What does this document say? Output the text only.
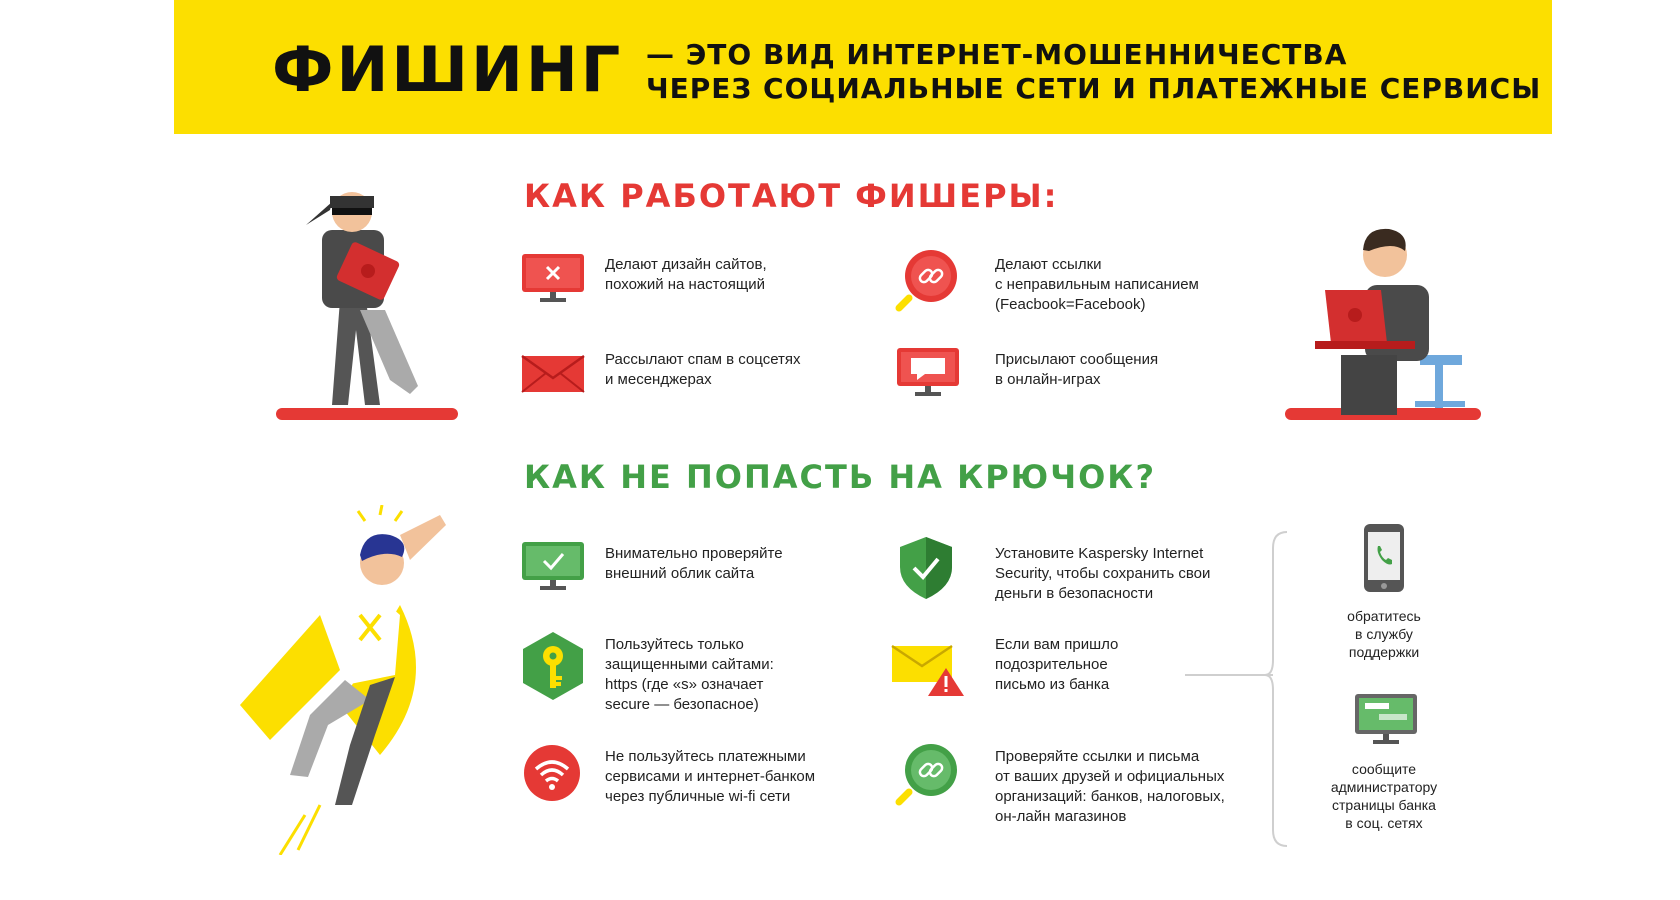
ФИШИНГ — ЭТО ВИД ИНТЕРНЕТ-МОШЕННИЧЕСТВА
ЧЕРЕЗ СОЦИАЛЬНЫЕ СЕТИ И ПЛАТЕЖНЫЕ СЕРВИСЫ
КАК РАБОТАЮТ ФИШЕРЫ:
Делают дизайн сайтов,
похожий на настоящий
Делают ссылки
с неправильным написанием
(Feacbook=Facebook)
Рассылают спам в соцсетях
и месенджерах
Присылают сообщения
в онлайн-играх
КАК НЕ ПОПАСТЬ НА КРЮЧОК?
Внимательно проверяйте
внешний облик сайта
Установите Kaspersky Internet
Security, чтобы сохранить свои
деньги в безопасности
Пользуйтесь только
защищенными сайтами:
https (где «s» означает
secure — безопасное)
Если вам пришло
подозрительное
письмо из банка
Не пользуйтесь платежными
сервисами и интернет-банком
через публичные wi-fi сети
Проверяйте ссылки и письма
от ваших друзей и официальных
организаций: банков, налоговых,
он-лайн магазинов
обратитесь
в службу
поддержки
сообщите
администратору
страницы банка
в соц. сетях
